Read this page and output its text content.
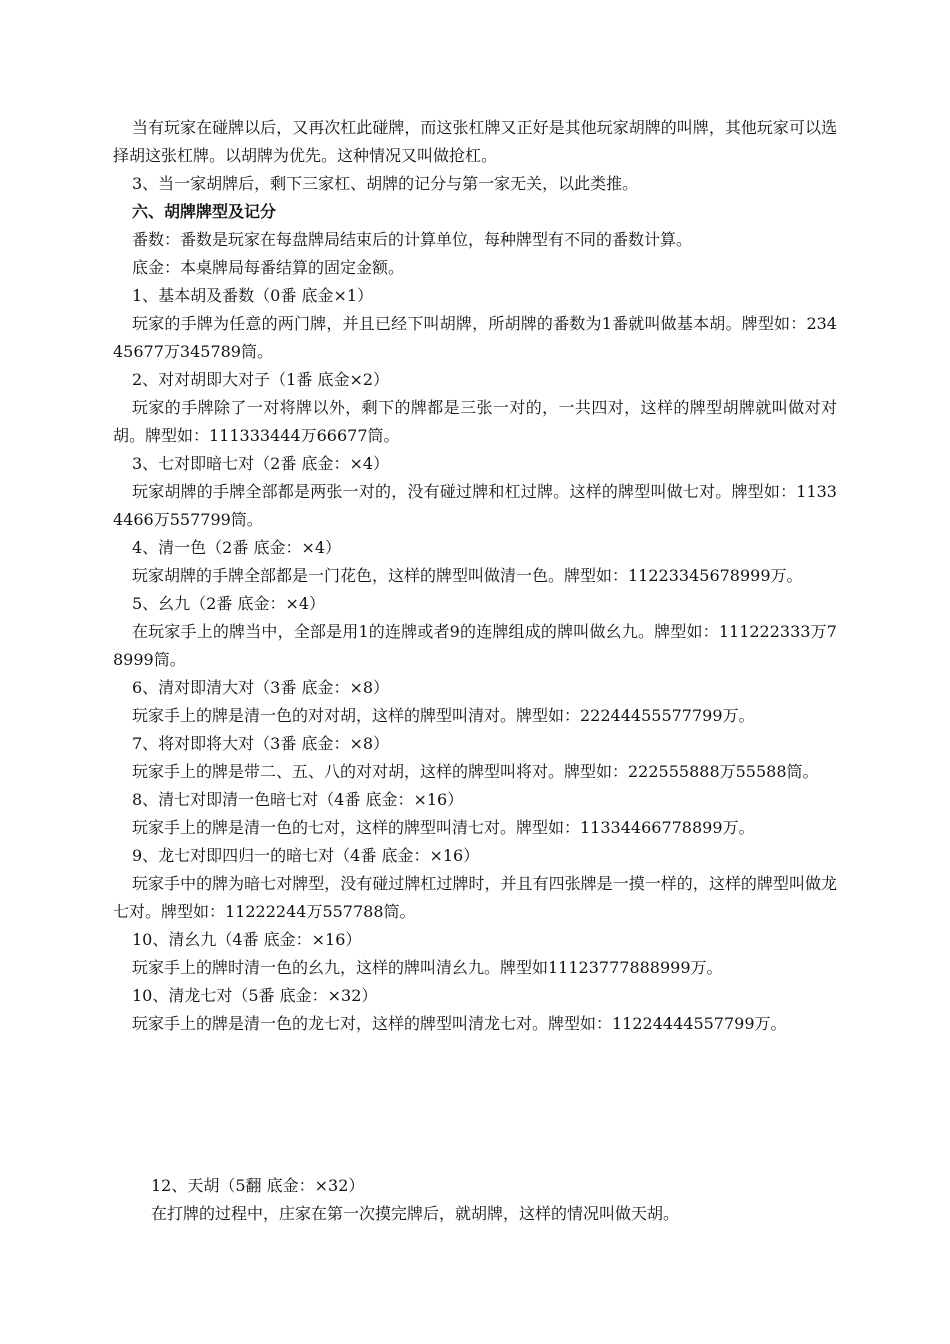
当有玩家在碰牌以后，又再次杠此碰牌，而这张杠牌又正好是其他玩家胡牌的叫牌，其他玩家可以选择胡这张杠牌。以胡牌为优先。这种情况又叫做抢杠。

3、当一家胡牌后，剩下三家杠、胡牌的记分与第一家无关，以此类推。

六、胡牌牌型及记分

番数：番数是玩家在每盘牌局结束后的计算单位，每种牌型有不同的番数计算。

底金：本桌牌局每番结算的固定金额。

1、基本胡及番数（0番 底金×1）

玩家的手牌为任意的两门牌，并且已经下叫胡牌，所胡牌的番数为1番就叫做基本胡。牌型如：23445677万345789筒。

2、对对胡即大对子（1番 底金×2）

玩家的手牌除了一对将牌以外，剩下的牌都是三张一对的，一共四对，这样的牌型胡牌就叫做对对胡。牌型如：111333444万66677筒。

3、七对即暗七对（2番 底金：×4）

玩家胡牌的手牌全部都是两张一对的，没有碰过牌和杠过牌。这样的牌型叫做七对。牌型如：11334466万557799筒。

4、清一色（2番 底金：×4）

玩家胡牌的手牌全部都是一门花色，这样的牌型叫做清一色。牌型如：11223345678999万。

5、幺九（2番 底金：×4）

在玩家手上的牌当中，全部是用1的连牌或者9的连牌组成的牌叫做幺九。牌型如：111222333万78999筒。

6、清对即清大对（3番 底金：×8）

玩家手上的牌是清一色的对对胡，这样的牌型叫清对。牌型如：22244455577799万。

7、将对即将大对（3番 底金：×8）

玩家手上的牌是带二、五、八的对对胡，这样的牌型叫将对。牌型如：222555888万55588筒。

8、清七对即清一色暗七对（4番 底金：×16）

玩家手上的牌是清一色的七对，这样的牌型叫清七对。牌型如：11334466778899万。

9、龙七对即四归一的暗七对（4番 底金：×16）

玩家手中的牌为暗七对牌型，没有碰过牌杠过牌时，并且有四张牌是一摸一样的，这样的牌型叫做龙七对。牌型如：11222244万557788筒。

10、清幺九（4番 底金：×16）

玩家手上的牌时清一色的幺九，这样的牌叫清幺九。牌型如11123777888999万。

10、清龙七对（5番 底金：×32）

玩家手上的牌是清一色的龙七对，这样的牌型叫清龙七对。牌型如：11224444557799万。

12、天胡（5翻 底金：×32）

在打牌的过程中，庄家在第一次摸完牌后，就胡牌，这样的情况叫做天胡。
